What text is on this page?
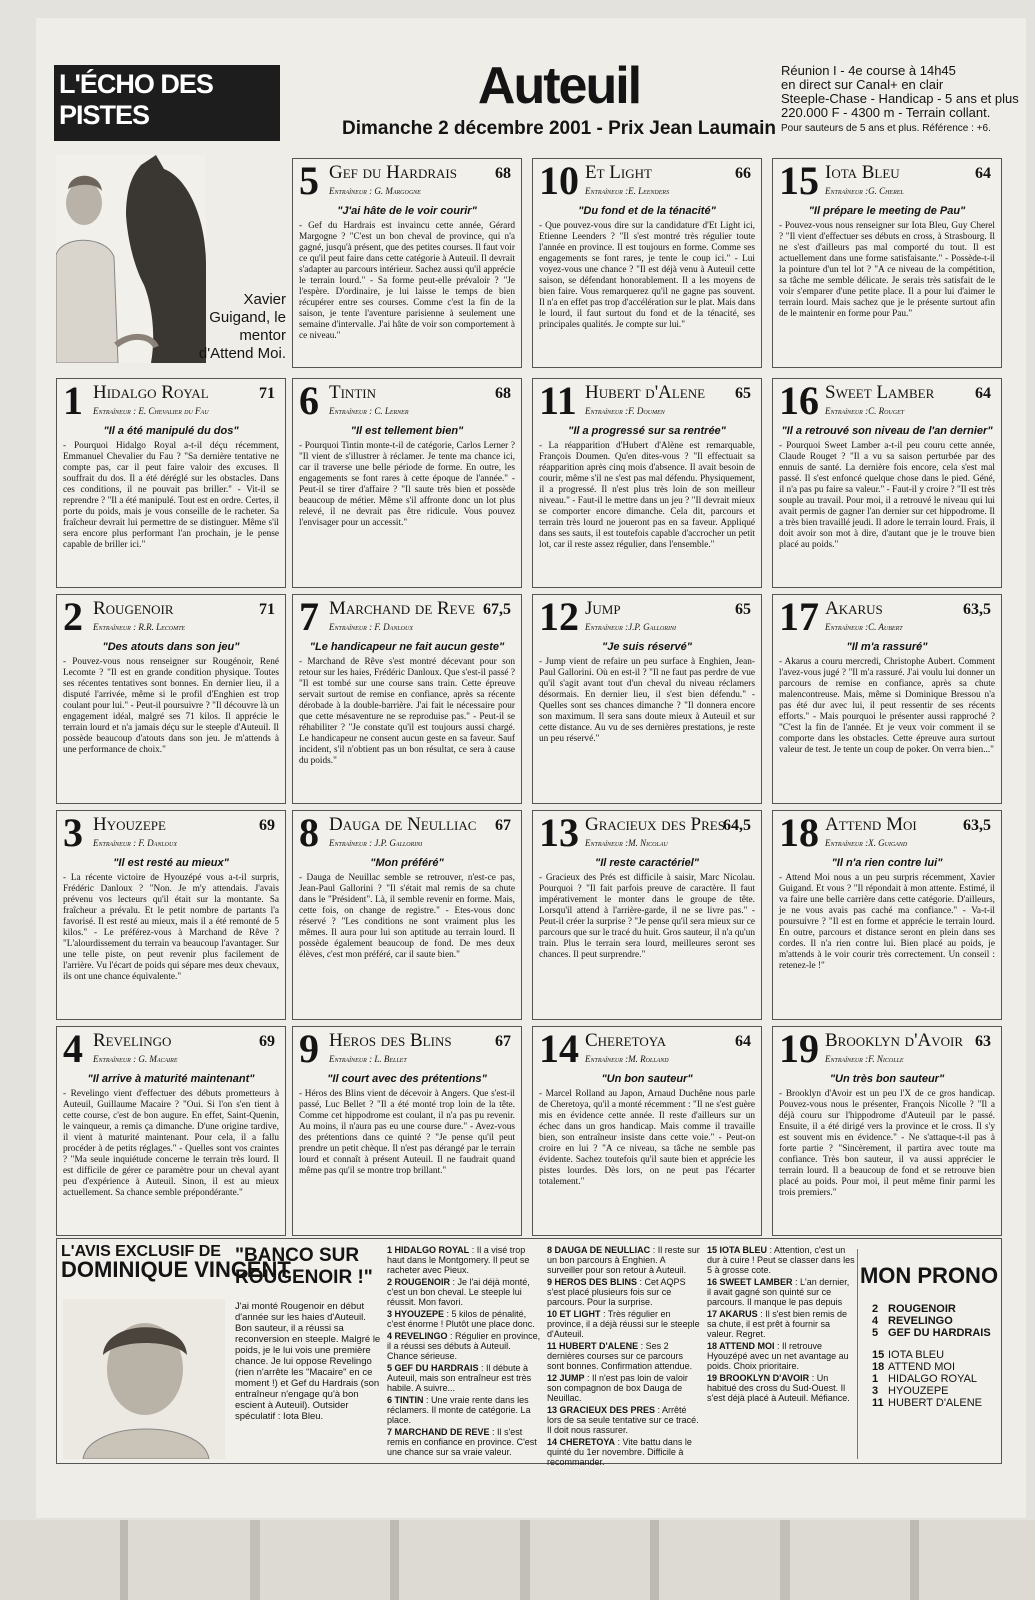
L'ÉCHO DES PISTES	Auteuil
Dimanche 2 décembre 2001 - Prix Jean Laumain
Réunion I - 4e course à 14h45
en direct sur Canal+ en clair
Steeple-Chase - Handicap - 5 ans et plus
220.000 F - 4300 m - Terrain collant.
Pour sauteurs de 5 ans et plus. Référence : +6.
Xavier
Guigand, le
mentor
d'Attend Moi.
5 Gef du Hardrais 68
Entraîneur : G. Margogne
"J'ai hâte de le voir courir"
- Gef du Hardrais est invaincu cette année, Gérard Margogne ? "C'est un bon cheval de province, qui n'a gagné, jusqu'à présent, que des petites courses. Il faut voir ce qu'il peut faire dans cette catégorie à Auteuil. Il devrait s'adapter au parcours intérieur. Sachez aussi qu'il apprécie le terrain lourd." - Sa forme peut-elle prévaloir ? "Je l'espère. D'ordinaire, je lui laisse le temps de bien récupérer entre ses courses. Comme c'est la fin de la saison, je tente l'aventure parisienne à seulement une semaine d'intervalle. J'ai hâte de voir son comportement à ce niveau."
10 Et Light	66
Entraîneur :E. Leenders
"Du fond et de la ténacité"
- Que pouvez-vous dire sur la candidature d'Et Light ici, Etienne Leenders ? "Il s'est montré très régulier toute l'année en province. Il est toujours en forme. Comme ses engagements se font rares, je tente le coup ici." - Lui voyez-vous une chance ? "Il est déjà venu à Auteuil cette saison, se défendant honorablement. Il a les moyens de bien faire. Vous remarquerez qu'il ne gagne pas souvent. Il n'a en effet pas trop d'accélération sur le plat. Mais dans le lourd, il faut surtout du fond et de la ténacité, ses principales qualités. Je compte sur lui."
15 Iota Bleu	64
Entraîneur :G. Cherel
"Il prépare le meeting de Pau"
- Pouvez-vous nous renseigner sur Iota Bleu, Guy Cherel ? "Il vient d'effectuer ses débuts en cross, à Strasbourg. Il ne s'est d'ailleurs pas mal comporté du tout. Il est actuellement dans une forme satisfaisante." - Possède-t-il la pointure d'un tel lot ? "A ce niveau de la compétition, sa tâche me semble délicate. Je serais très satisfait de le voir s'emparer d'une petite place. Il a pour lui d'aimer le terrain lourd. Mais sachez que je le présente surtout afin de le maintenir en forme pour Pau."
1 Hidalgo Royal	71
Entraîneur : E. Chevalier du Fau
"Il a été manipulé du dos"
- Pourquoi Hidalgo Royal a-t-il déçu récemment, Emmanuel Chevalier du Fau ? "Sa dernière tentative ne compte pas, car il peut faire valoir des excuses. Il souffrait du dos. Il a été déréglé sur les obstacles. Dans ces conditions, il ne pouvait pas briller." - Vit-il se reprendre ? "Il a été manipulé. Tout est en ordre. Certes, il porte du poids, mais je vous conseille de le racheter. Sa fraîcheur devrait lui permettre de se distinguer. Même s'il sera encore plus performant l'an prochain, je le pense capable de briller ici."
6 Tintin	68
Entraîneur : C. Lerner
"Il est tellement bien"
- Pourquoi Tintin monte-t-il de catégorie, Carlos Lerner ? "Il vient de s'illustrer à réclamer. Je tente ma chance ici, car il traverse une belle période de forme. En outre, les engagements se font rares à cette époque de l'année." - Peut-il se tirer d'affaire ? "Il saute très bien et possède beaucoup de métier. Même s'il affronte donc un lot plus relevé, il ne devrait pas être ridicule. Vous pouvez l'envisager pour un accessit."
11 Hubert d'Alene 65
Entraîneur :F. Doumen
"Il a progressé sur sa rentrée"
- La réapparition d'Hubert d'Alène est remarquable, François Doumen. Qu'en dites-vous ? "Il effectuait sa réapparition après cinq mois d'absence. Il avait besoin de courir, même s'il ne s'est pas mal défendu. Physiquement, il a progressé. Il n'est plus très loin de son meilleur niveau." - Faut-il le mettre dans un jeu ? "Il devrait mieux se comporter encore dimanche. Cela dit, parcours et terrain très lourd ne joueront pas en sa faveur. Appliqué dans ses sauts, il est toutefois capable d'accrocher un petit lot, car il reste assez régulier, dans l'ensemble."
16 Sweet Lamber	64
Entraîneur :C. Rouget
"Il a retrouvé son niveau de l'an dernier"
- Pourquoi Sweet Lamber a-t-il peu couru cette année, Claude Rouget ? "Il a vu sa saison perturbée par des ennuis de santé. La dernière fois encore, cela s'est mal passé. Il s'est enfoncé quelque chose dans le pied. Géné, il n'a pas pu faire sa valeur." - Faut-il y croire ? "Il est très souple au travail. Pour moi, il a retrouvé le niveau qui lui avait permis de gagner l'an dernier sur cet hippodrome. Il a très bien travaillé jeudi. Il adore le terrain lourd. Frais, il doit avoir son mot à dire, d'autant que je le trouve bien placé au poids."
2 Rougenoir	71
Entraîneur : R.R. Lecomte
"Des atouts dans son jeu"
- Pouvez-vous nous renseigner sur Rougénoir, René Lecomte ? "Il est en grande condition physique. Toutes ses récentes tentatives sont bonnes. En dernier lieu, il a disputé l'arrivée, même si le profil d'Enghien est trop coulant pour lui." - Peut-il poursuivre ? "Il découvre là un engagement idéal, malgré ses 71 kilos. Il apprécie le terrain lourd et n'a jamais déçu sur le steeple d'Auteuil. Il possède beaucoup d'atouts dans son jeu. Je m'attends à une performance de choix."
7 Marchand de Reve 67,5
Entraîneur : F. Danloux
"Le handicapeur ne fait aucun geste"
- Marchand de Rêve s'est montré décevant pour son retour sur les haies, Frédéric Danloux. Que s'est-il passé ? "Il est tombé sur une course sans train. Cette épreuve servait surtout de remise en confiance, après sa récente dérobade à la double-barrière. J'ai fait le nécessaire pour que cette mésaventure ne se reproduise pas." - Peut-il se réhabiliter ? "Je constate qu'il est toujours aussi chargé. Le handicapeur ne consent aucun geste en sa faveur. Sauf incident, s'il n'obtient pas un bon résultat, ce sera à cause du poids."
12 Jump	65
Entraîneur :J.P. Gallorini
"Je suis réservé"
- Jump vient de refaire un peu surface à Enghien, Jean-Paul Gallorini. Où en est-il ? "Il ne faut pas perdre de vue qu'il s'agit avant tout d'un cheval du niveau réclamers désormais. En dernier lieu, il s'est bien défendu." - Quelles sont ses chances dimanche ? "Il donnera encore son maximum. Il sera sans doute mieux à Auteuil et sur cette distance. Au vu de ses dernières prestations, je reste un peu réservé."
17 Akarus	63,5
Entraîneur :C. Aubert
"Il m'a rassuré"
- Akarus a couru mercredi, Christophe Aubert. Comment l'avez-vous jugé ? "Il m'a rassuré. J'ai voulu lui donner un parcours de remise en confiance, après sa chute malencontreuse. Mais, même si Dominique Bressou n'a pas été dur avec lui, il peut ressentir de ses récents efforts." - Mais pourquoi le présenter aussi rapproché ? "C'est la fin de l'année. Et je veux voir comment il se comporte dans les obstacles. Cette épreuve aura surtout valeur de test. Je tente un coup de poker. On verra bien..."
3 Hyouzepe	69
Entraîneur : F. Danloux
"Il est resté au mieux"
- La récente victoire de Hyouzépé vous a-t-il surpris, Frédéric Danloux ? "Non. Je m'y attendais. J'avais prévenu vos lecteurs qu'il était sur la montante. Sa fraîcheur a prévalu. Et le petit nombre de partants l'a favorisé. Il est resté au mieux, mais il a été remonté de 5 kilos." - Le préférez-vous à Marchand de Rêve ? "L'alourdissement du terrain va beaucoup l'avantager. Sur une telle piste, on peut revenir plus facilement de l'arrière. Vu l'écart de poids qui sépare mes deux chevaux, ils ont une chance équivalente."
8 Dauga de Neulliac 67
Entraîneur : J.P. Gallorini
"Mon préféré"
- Dauga de Neuillac semble se retrouver, n'est-ce pas, Jean-Paul Gallorini ? "Il s'était mal remis de sa chute dans le "Président". Là, il semble revenir en forme. Mais, cette fois, on change de registre." - Etes-vous donc réservé ? "Les conditions ne sont vraiment plus les mêmes. Il aura pour lui son aptitude au terrain lourd. Il possède également beaucoup de fond. De mes deux élèves, c'est mon préféré, car il saute bien."
13 Gracieux des Pres
64,5
Entraîneur :M. Nicolau
"Il reste caractériel"
- Gracieux des Prés est difficile à saisir, Marc Nicolau. Pourquoi ? "Il fait parfois preuve de caractère. Il faut impérativement le monter dans le groupe de tête. Lorsqu'il attend à l'arrière-garde, il ne se livre pas." - Peut-il créer la surprise ? "Je pense qu'il sera mieux sur ce parcours que sur le tracé du huit. Gros sauteur, il n'a qu'un train. Plus le terrain sera lourd, meilleures seront ses chances. Il peut surprendre."
18 Attend Moi	63,5
Entraîneur :X. Guigand
"Il n'a rien contre lui"
- Attend Moi nous a un peu surpris récemment, Xavier Guigand. Et vous ? "Il répondait à mon attente. Estimé, il va faire une belle carrière dans cette catégorie. D'ailleurs, je ne vous avais pas caché ma confiance." - Va-t-il poursuivre ? "Il est en forme et apprécie le terrain lourd. En outre, parcours et distance seront en plein dans ses cordes. Il n'a rien contre lui. Bien placé au poids, je m'attends à le voir courir très correctement. Un conseil : retenez-le !"
4 Revelingo	69
Entraîneur : G. Macaire
"Il arrive à maturité maintenant"
- Revelingo vient d'effectuer des débuts prometteurs à Auteuil, Guillaume Macaire ? "Oui. Si l'on s'en tient à cette course, c'est de bon augure. En effet, Saint-Quenin, le vainqueur, a remis ça dimanche. D'une origine tardive, il vient à maturité maintenant. Pour cela, il a fallu procéder à de petits réglages." - Quelles sont vos craintes ? "Ma seule inquiétude concerne le terrain très lourd. Il est difficile de gérer ce paramètre pour un cheval ayant peu d'expérience à Auteuil. Sinon, il est au mieux actuellement. Sa chance semble prépondérante."
9 Heros des Blins	67
Entraîneur : L. Bellet
"Il court avec des prétentions"
- Héros des Blins vient de décevoir à Angers. Que s'est-il passé, Luc Bellet ? "Il a été monté trop loin de la tête. Comme cet hippodrome est coulant, il n'a pas pu revenir. Au moins, il n'aura pas eu une course dure." - Avez-vous des prétentions dans ce quinté ? "Je pense qu'il peut prendre un petit chèque. Il n'est pas dérangé par le terrain lourd et connaît à présent Auteuil. Il ne faudrait quand même pas qu'il se montre trop brillant."
14 Cheretoya	64
Entraîneur :M. Rolland
"Un bon sauteur"
- Marcel Rolland au Japon, Arnaud Duchêne nous parle de Cheretoya, qu'il a monté récemment : "Il ne s'est guère mis en évidence cette année. Il reste d'ailleurs sur un échec dans un gros handicap. Mais comme il travaille bien, son entraîneur insiste dans cette voie." - Peut-on croire en lui ? "A ce niveau, sa tâche ne semble pas évidente. Sachez toutefois qu'il saute bien et apprécie les pistes lourdes. Dès lors, on ne peut pas l'écarter totalement."
19 Brooklyn d'Avoir 63
Entraîneur :F. Nicolle
"Un très bon sauteur"
- Brooklyn d'Avoir est un peu l'X de ce gros handicap. Pouvez-vous nous le présenter, François Nicolle ? "Il a déjà couru sur l'hippodrome d'Auteuil par le passé. Ensuite, il a été dirigé vers la province et le cross. Il s'y est souvent mis en évidence." - Ne s'attaque-t-il pas à forte partie ? "Sincèrement, il partira avec toute ma confiance. Très bon sauteur, il va aussi apprécier le terrain lourd. Il a beaucoup de fond et se retrouve bien placé au poids. Pour moi, il peut même finir parmi les trois premiers."
L'AVIS EXCLUSIF DE
DOMINIQUE VINCENT
"BANCO SUR ROUGENOIR !"
J'ai monté Rougenoir en début d'année sur les haies d'Auteuil. Bon sauteur, il a réussi sa reconversion en steeple. Malgré le poids, je le lui vois une première chance. Je lui oppose Revelingo (rien n'arrête les "Macaire" en ce moment !) et Gef du Hardrais (son entraîneur n'engage qu'à bon escient à Auteuil). Outsider spéculatif : Iota Bleu.

1 HIDALGO ROYAL : Il a visé trop haut dans le Montgomery. Il peut se racheter avec Pieux.

2 ROUGENOIR : Je l'ai déjà monté, c'est un bon cheval. Le steeple lui réussit. Mon favori.

3 HYOUZEPE : 5 kilos de pénalité, c'est énorme ! Plutôt une place donc.

4 REVELINGO : Régulier en province, il a réussi ses débuts à Auteuil. Chance sérieuse.

5 GEF DU HARDRAIS : Il débute à Auteuil, mais son entraîneur est très habile. A suivre...

6 TINTIN : Une vraie rente dans les réclamers. Il monte de catégorie. La place.

7 MARCHAND DE REVE : Il s'est remis en confiance en province. C'est une chance sur sa vraie valeur.

8 DAUGA DE NEULLIAC : Il reste sur un bon parcours à Enghien. A surveiller pour son retour à Auteuil.

9 HEROS DES BLINS : Cet AQPS s'est placé plusieurs fois sur ce parcours. Pour la surprise.

10 ET LIGHT : Très régulier en province, il a déjà réussi sur le steeple d'Auteuil.

11 HUBERT D'ALENE : Ses 2 dernières courses sur ce parcours sont bonnes. Confirmation attendue.

12 JUMP : Il n'est pas loin de valoir son compagnon de box Dauga de Neuillac.

13 GRACIEUX DES PRES : Arrêté lors de sa seule tentative sur ce tracé. Il doit nous rassurer.

14 CHERETOYA : Vite battu dans le quinté du 1er novembre. Difficile à recommander.

15 IOTA BLEU : Attention, c'est un dur à cuire ! Peut se classer dans les 5 à grosse cote.

16 SWEET LAMBER : L'an dernier, il avait gagné son quinté sur ce parcours. Il manque le pas depuis

17 AKARUS : Il s'est bien remis de sa chute, il est prêt à fournir sa valeur. Regret.

18 ATTEND MOI : Il retrouve Hyouzépé avec un net avantage au poids. Choix prioritaire.

19 BROOKLYN D'AVOIR : Un habitué des cross du Sud-Ouest. Il s'est déjà placé à Auteuil. Méfiance.

MON PRONO
2 ROUGENOIR
4 REVELINGO
5 GEF DU HARDRAIS
15 IOTA BLEU
18 ATTEND MOI
1 HIDALGO ROYAL
3 HYOUZEPE
11 HUBERT D'ALENE
